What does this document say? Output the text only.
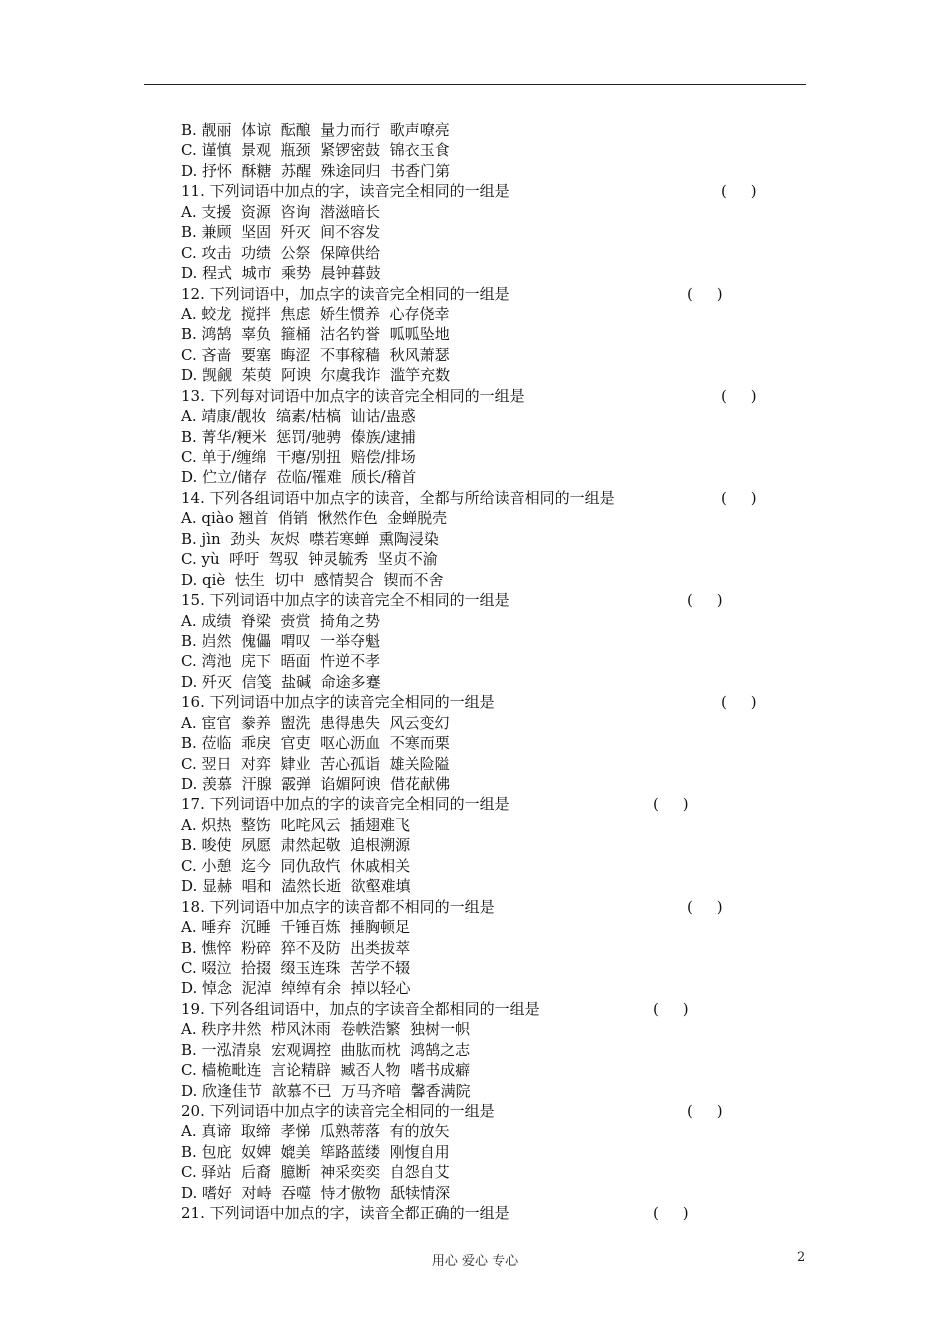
B. 靓丽  体谅  酝酿  量力而行  歌声嘹亮
C. 谨慎  景观  瓶颈  紧锣密鼓  锦衣玉食
D. 抒怀  酥糖  苏醒  殊途同归  书香门第
11. 下列词语中加点的字，读音完全相同的一组是	(     )
A. 支援  资源  咨询  潜滋暗长
B. 兼顾  坚固  歼灭  间不容发
C. 攻击  功绩  公祭  保障供给
D. 程式  城市  乘势  晨钟暮鼓
12. 下列词语中，加点字的读音完全相同的一组是	(     )
A. 蛟龙  搅拌  焦虑  娇生惯养  心存侥幸
B. 鸿鹄  辜负  箍桶  沽名钓誉  呱呱坠地
C. 吝啬  要塞  晦涩  不事稼穑  秋风萧瑟
D. 觊觎  茱萸  阿谀  尔虞我诈  滥竽充数
13. 下列每对词语中加点字的读音完全相同的一组是	(     )
A. 靖康/靓妆  缟素/枯槁  讪诂/蛊惑
B. 菁华/粳米  惩罚/驰骋  傣族/逮捕
C. 单于/缠绵  干瘪/别扭  赔偿/排场
D. 伫立/储存  莅临/罹难  颀长/稽首
14. 下列各组词语中加点字的读音，全都与所给读音相同的一组是	(     )
A. qiào 翘首  俏销  愀然作色  金蝉脱壳
B. jìn  劲头  灰烬  噤若寒蝉  熏陶浸染
C. yù  呼吁  驾驭  钟灵毓秀  坚贞不渝
D. qiè  怯生  切中  感情契合  锲而不舍
15. 下列词语中加点字的读音完全不相同的一组是	(     )
A. 成绩  脊梁  赍赏  掎角之势
B. 岿然  傀儡  喟叹  一举夺魁
C. 湾池  庑下  晤面  忤逆不孝
D. 歼灭  信笺  盐碱  命途多蹇
16. 下列词语中加点字的读音完全相同的一组是	(     )
A. 宦官  豢养  盥洗  患得患失  风云变幻
B. 莅临  乖戾  官吏  呕心沥血  不寒而栗
C. 翌日  对弈  肄业  苦心孤诣  雄关险隘
D. 羡慕  汗腺  霰弹  谄媚阿谀  借花献佛
17. 下列词语中加点的字的读音完全相同的一组是	(     )
A. 炽热  整饬  叱咤风云  插翅难飞
B. 唆使  夙愿  肃然起敬  追根溯源
C. 小憩  迄今  同仇敌忾  休戚相关
D. 显赫  唱和  溘然长逝  欲壑难填
18. 下列词语中加点字的读音都不相同的一组是	(     )
A. 唾弃  沉睡  千锤百炼  捶胸顿足
B. 憔悴  粉碎  猝不及防  出类拔萃
C. 啜泣  拾掇  缀玉连珠  苦学不辍
D. 悼念  泥淖  绰绰有余  掉以轻心
19. 下列各组词语中，加点的字读音全都相同的一组是	(     )
A. 秩序井然  栉风沐雨  卷帙浩繁  独树一帜
B. 一泓清泉  宏观调控  曲肱而枕  鸿鹄之志
C. 樯桅毗连  言论精辟  臧否人物  嗜书成癖
D. 欣逢佳节  歆慕不已  万马齐喑  馨香满院
20. 下列词语中加点字的读音完全相同的一组是	(     )
A. 真谛  取缔  孝悌  瓜熟蒂落  有的放矢
B. 包庇  奴婢  媲美  筚路蓝缕  刚愎自用
C. 驿站  后裔  臆断  神采奕奕  自怨自艾
D. 嗜好  对峙  吞噬  恃才傲物  舐犊情深
21. 下列词语中加点的字，读音全都正确的一组是	(     )
用心 爱心 专心	2
